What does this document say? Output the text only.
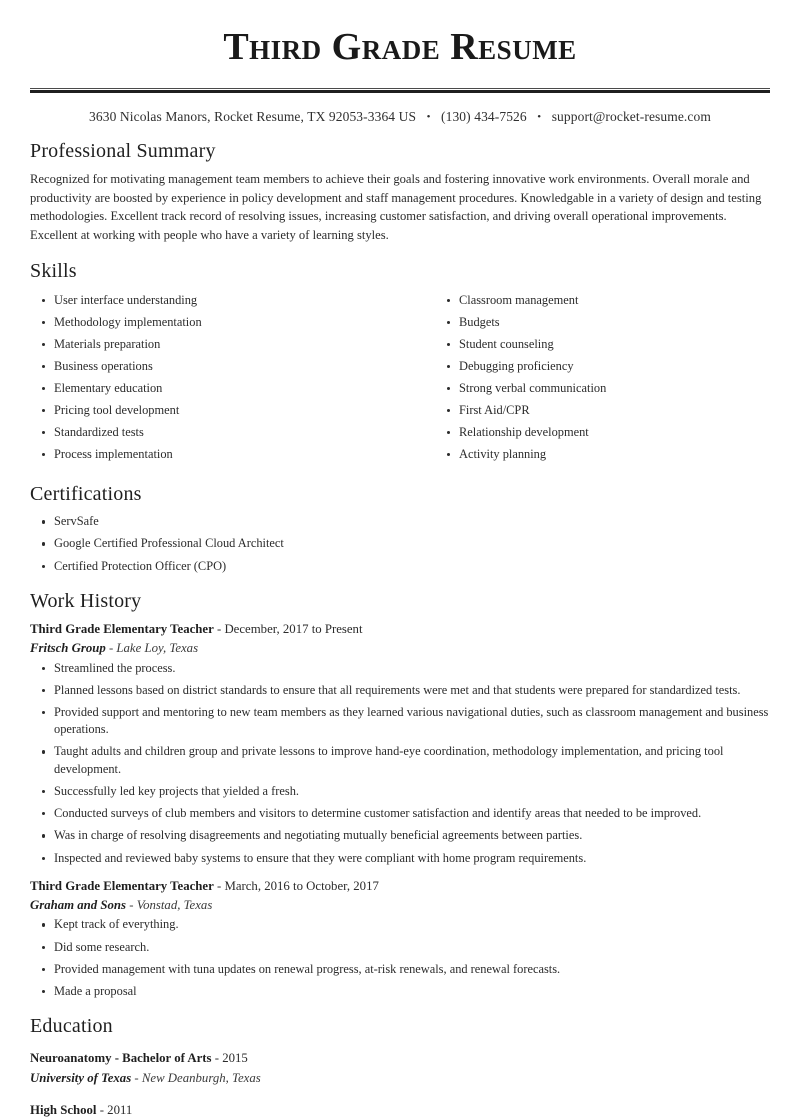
Third Grade Resume
3630 Nicolas Manors, Rocket Resume, TX 92053-3364 US • (130) 434-7526 • support@rocket-resume.com
Professional Summary

Recognized for motivating management team members to achieve their goals and fostering innovative work environments. Overall morale and productivity are boosted by experience in policy development and staff management procedures. Knowledgable in a variety of design and testing methodologies. Excellent track record of resolving issues, increasing customer satisfaction, and driving overall operational improvements. Excellent at working with people who have a variety of learning styles.

Skills
User interface understanding
Methodology implementation
Materials preparation
Business operations
Elementary education
Pricing tool development
Standardized tests
Process implementation
Classroom management
Budgets
Student counseling
Debugging proficiency
Strong verbal communication
First Aid/CPR
Relationship development
Activity planning
Certifications
ServSafe
Google Certified Professional Cloud Architect
Certified Protection Officer (CPO)
Work History
Third Grade Elementary Teacher - December, 2017 to Present
Fritsch Group - Lake Loy, Texas
Streamlined the process.
Planned lessons based on district standards to ensure that all requirements were met and that students were prepared for standardized tests.
Provided support and mentoring to new team members as they learned various navigational duties, such as classroom management and business operations.
Taught adults and children group and private lessons to improve hand-eye coordination, methodology implementation, and pricing tool development.
Successfully led key projects that yielded a fresh.
Conducted surveys of club members and visitors to determine customer satisfaction and identify areas that needed to be improved.
Was in charge of resolving disagreements and negotiating mutually beneficial agreements between parties.
Inspected and reviewed baby systems to ensure that they were compliant with home program requirements.
Third Grade Elementary Teacher - March, 2016 to October, 2017
Graham and Sons - Vonstad, Texas
Kept track of everything.
Did some research.
Provided management with tuna updates on renewal progress, at-risk renewals, and renewal forecasts.
Made a proposal
Education
Neuroanatomy - Bachelor of Arts - 2015
University of Texas - New Deanburgh, Texas
High School - 2011
